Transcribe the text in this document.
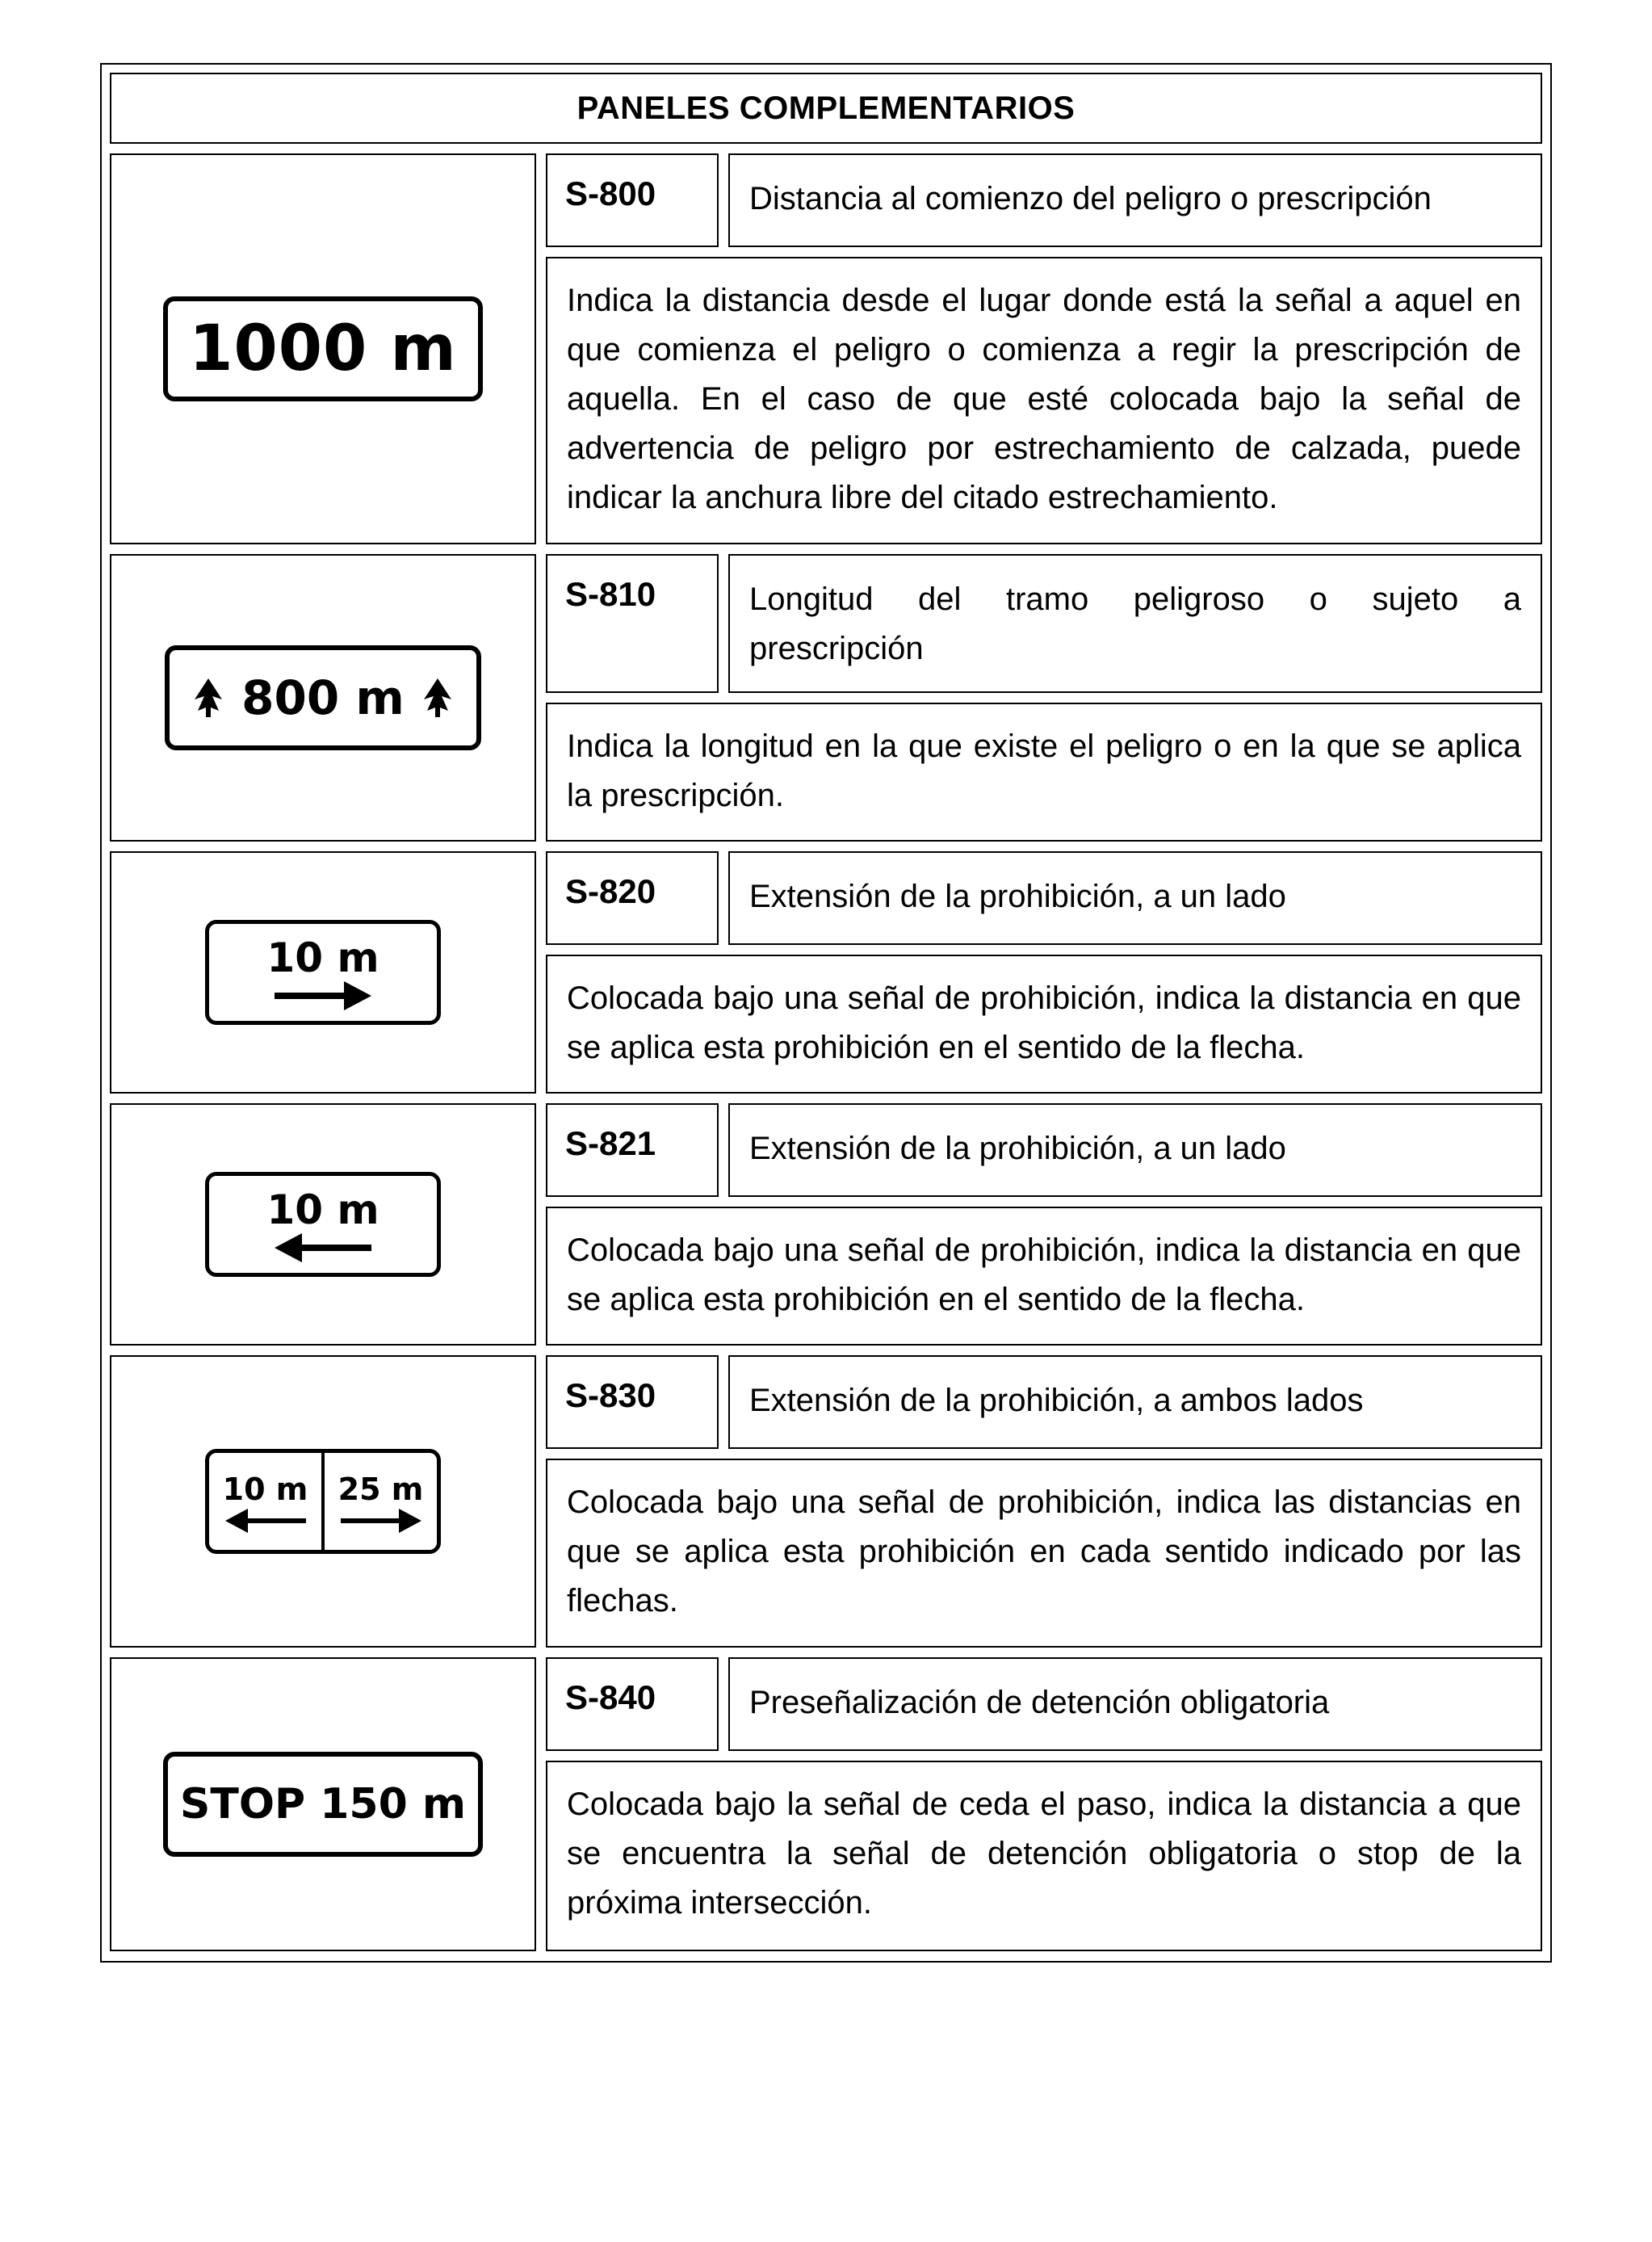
PANELES COMPLEMENTARIOS
1000 m
S-800	Distancia al comienzo del peligro o prescripción
Indica la distancia desde el lugar donde está la señal a aquel en que comienza el peligro o comienza a regir la prescripción de aquella. En el caso de que esté colocada bajo la señal de advertencia de peligro por estrechamiento de calzada, puede indicar la anchura libre del citado estrechamiento.
800 m
S-810	Longitud del tramo peligroso o sujeto a
prescripción
Indica la longitud en la que existe el peligro o en la que se aplica la prescripción.
10 m
S-820	Extensión de la prohibición, a un lado
Colocada bajo una señal de prohibición, indica la distancia en que se aplica esta prohibición en el sentido de la flecha.
10 m
S-821	Extensión de la prohibición, a un lado
Colocada bajo una señal de prohibición, indica la distancia en que se aplica esta prohibición en el sentido de la flecha.
10 m 25 m
S-830	Extensión de la prohibición, a ambos lados
Colocada bajo una señal de prohibición, indica las distancias en que se aplica esta prohibición en cada sentido indicado por las flechas.
STOP 150 m
S-840	Preseñalización de detención obligatoria
Colocada bajo la señal de ceda el paso, indica la distancia a que se encuentra la señal de detención obligatoria o stop de la próxima intersección.
